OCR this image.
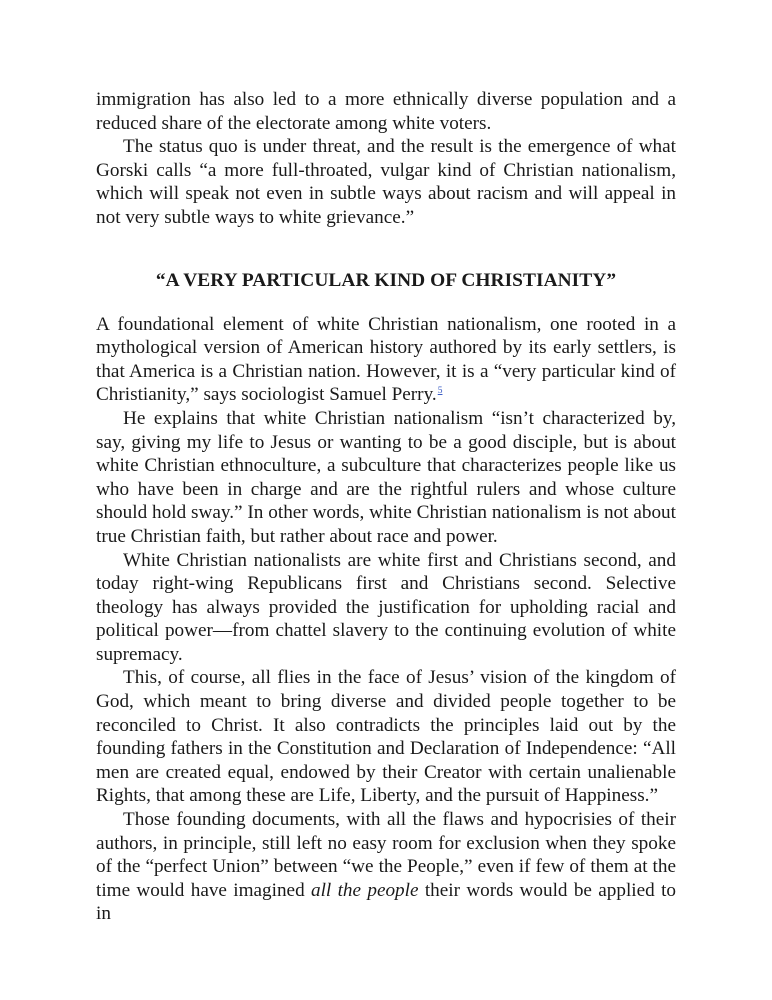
immigration has also led to a more ethnically diverse population and a reduced share of the electorate among white voters.

The status quo is under threat, and the result is the emergence of what Gorski calls “a more full-throated, vulgar kind of Christian nationalism, which will speak not even in subtle ways about racism and will appeal in not very subtle ways to white grievance.”

“A VERY PARTICULAR KIND OF CHRISTIANITY”

A foundational element of white Christian nationalism, one rooted in a mythological version of American history authored by its early settlers, is that America is a Christian nation. However, it is a “very particular kind of Christianity,” says sociologist Samuel Perry.$^5$

He explains that white Christian nationalism “isn’t characterized by, say, giving my life to Jesus or wanting to be a good disciple, but is about white Christian ethnoculture, a subculture that characterizes people like us who have been in charge and are the rightful rulers and whose culture should hold sway.” In other words, white Christian nationalism is not about true Christian faith, but rather about race and power.

White Christian nationalists are white first and Christians second, and today right-wing Republicans first and Christians second. Selective theology has always provided the justification for upholding racial and political power—from chattel slavery to the continuing evolution of white supremacy.

This, of course, all flies in the face of Jesus’ vision of the kingdom of God, which meant to bring diverse and divided people together to be reconciled to Christ. It also contradicts the principles laid out by the founding fathers in the Constitution and Declaration of Independence: “All men are created equal, endowed by their Creator with certain unalienable Rights, that among these are Life, Liberty, and the pursuit of Happiness.”

Those founding documents, with all the flaws and hypocrisies of their authors, in principle, still left no easy room for exclusion when they spoke of the “perfect Union” between “we the People,” even if few of them at the time would have imagined all the people their words would be applied to in
